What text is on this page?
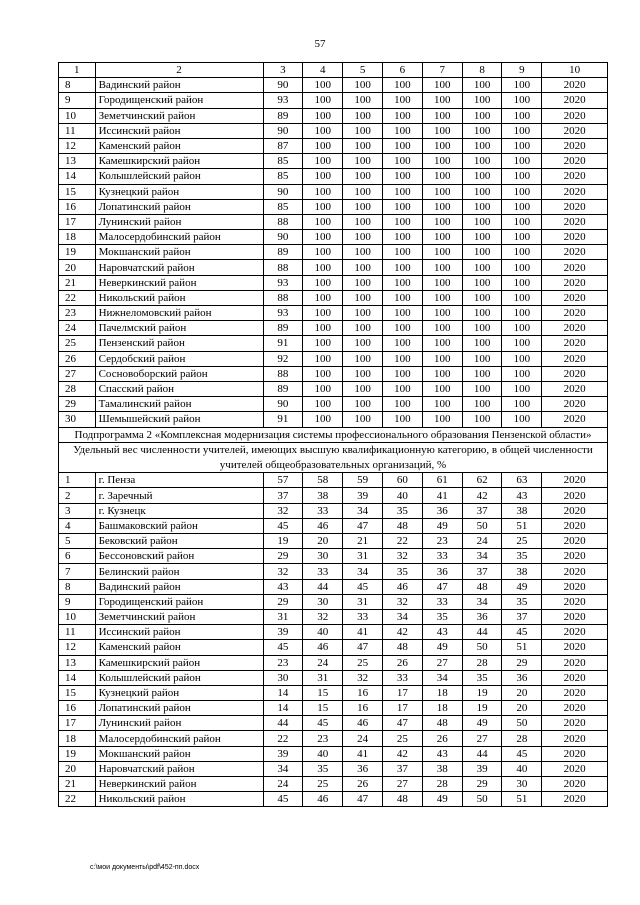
57
1	2	3	4	5	6	7	8	9	10
8	Вадинский район	90	100	100	100	100	100	100	2020
9	Городищенский район	93	100	100	100	100	100	100	2020
10	Земетчинский район	89	100	100	100	100	100	100	2020
11	Иссинский район	90	100	100	100	100	100	100	2020
12	Каменский район	87	100	100	100	100	100	100	2020
13	Камешкирский район	85	100	100	100	100	100	100	2020
14	Колышлейский район	85	100	100	100	100	100	100	2020
15	Кузнецкий район	90	100	100	100	100	100	100	2020
16	Лопатинский район	85	100	100	100	100	100	100	2020
17	Лунинский район	88	100	100	100	100	100	100	2020
18	Малосердобинский район	90	100	100	100	100	100	100	2020
19	Мокшанский район	89	100	100	100	100	100	100	2020
20	Наровчатский район	88	100	100	100	100	100	100	2020
21	Неверкинский район	93	100	100	100	100	100	100	2020
22	Никольский район	88	100	100	100	100	100	100	2020
23	Нижнеломовский район	93	100	100	100	100	100	100	2020
24	Пачелмский район	89	100	100	100	100	100	100	2020
25	Пензенский район	91	100	100	100	100	100	100	2020
26	Сердобский район	92	100	100	100	100	100	100	2020
27	Сосновоборский район	88	100	100	100	100	100	100	2020
28	Спасский район	89	100	100	100	100	100	100	2020
29	Тамалинский район	90	100	100	100	100	100	100	2020
30	Шемышейский район	91	100	100	100	100	100	100	2020
Подпрограмма 2 «Комплексная модернизация системы профессионального образования Пензенской области»									
Удельный вес численности учителей, имеющих высшую квалификационную категорию, в общей численности учителей общеобразовательных организаций, %									
1	г. Пенза	57	58	59	60	61	62	63	2020
2	г. Заречный	37	38	39	40	41	42	43	2020
3	г. Кузнецк	32	33	34	35	36	37	38	2020
4	Башмаковский район	45	46	47	48	49	50	51	2020
5	Бековский район	19	20	21	22	23	24	25	2020
6	Бессоновский район	29	30	31	32	33	34	35	2020
7	Белинский район	32	33	34	35	36	37	38	2020
8	Вадинский район	43	44	45	46	47	48	49	2020
9	Городищенский район	29	30	31	32	33	34	35	2020
10	Земетчинский район	31	32	33	34	35	36	37	2020
11	Иссинский район	39	40	41	42	43	44	45	2020
12	Каменский район	45	46	47	48	49	50	51	2020
13	Камешкирский район	23	24	25	26	27	28	29	2020
14	Колышлейский район	30	31	32	33	34	35	36	2020
15	Кузнецкий район	14	15	16	17	18	19	20	2020
16	Лопатинский район	14	15	16	17	18	19	20	2020
17	Лунинский район	44	45	46	47	48	49	50	2020
18	Малосердобинский район	22	23	24	25	26	27	28	2020
19	Мокшанский район	39	40	41	42	43	44	45	2020
20	Наровчатский район	34	35	36	37	38	39	40	2020
21	Неверкинский район	24	25	26	27	28	29	30	2020
22	Никольский район	45	46	47	48	49	50	51	2020
c:\мои документы\pdf\452-пп.docx
